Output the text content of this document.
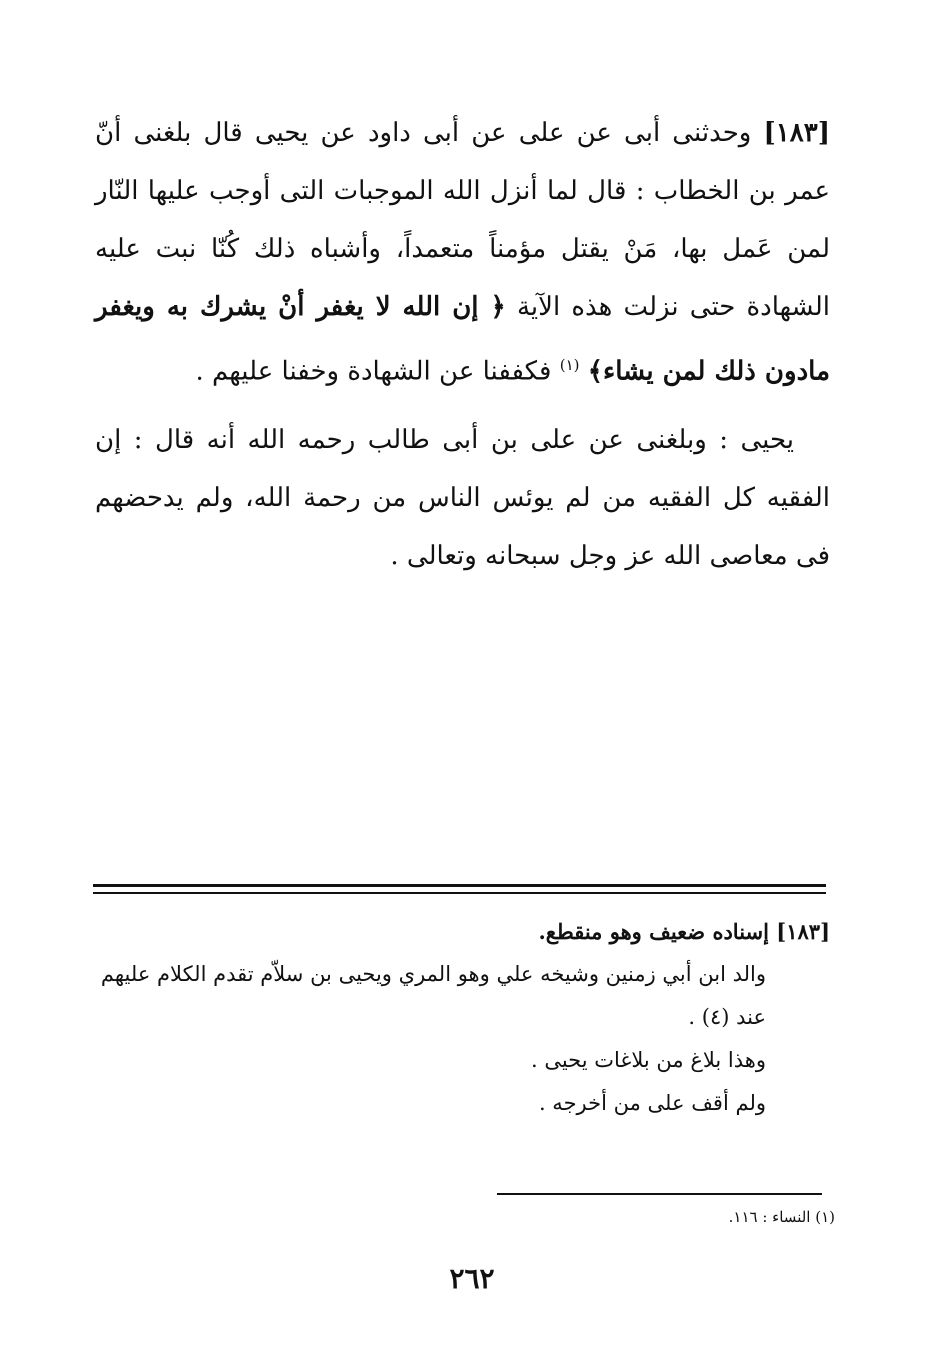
[١٨٣] وحدثنى أبى عن على عن أبى داود عن يحيى قال بلغنى أنّ عمر بن الخطاب : قال لما أنزل الله الموجبات التى أوجب عليها النّار لمن عَمل بها، مَنْ يقتل مؤمناً متعمداً، وأشباه ذلك كُنّا نبت عليه الشهادة حتى نزلت هذه الآية ﴿ إن الله لا يغفر أنْ يشرك به ويغفر مادون ذلك لمن يشاء﴾ $^{(١)}$ فكففنا عن الشهادة وخفنا عليهم .

يحيى : وبلغنى عن على بن أبى طالب رحمه الله أنه قال : إن الفقيه كل الفقيه من لم يوئس الناس من رحمة الله، ولم يدحضهم فى معاصى الله عز وجل سبحانه وتعالى .

[١٨٣] إسناده ضعيف وهو منقطع.
والد ابن أبي زمنين وشيخه علي وهو المري ويحيى بن سلاّم تقدم الكلام عليهم عند (٤) .
وهذا بلاغ من بلاغات يحيى .
ولم أقف على من أخرجه .
(١) النساء : ١١٦.
٢٦٢
